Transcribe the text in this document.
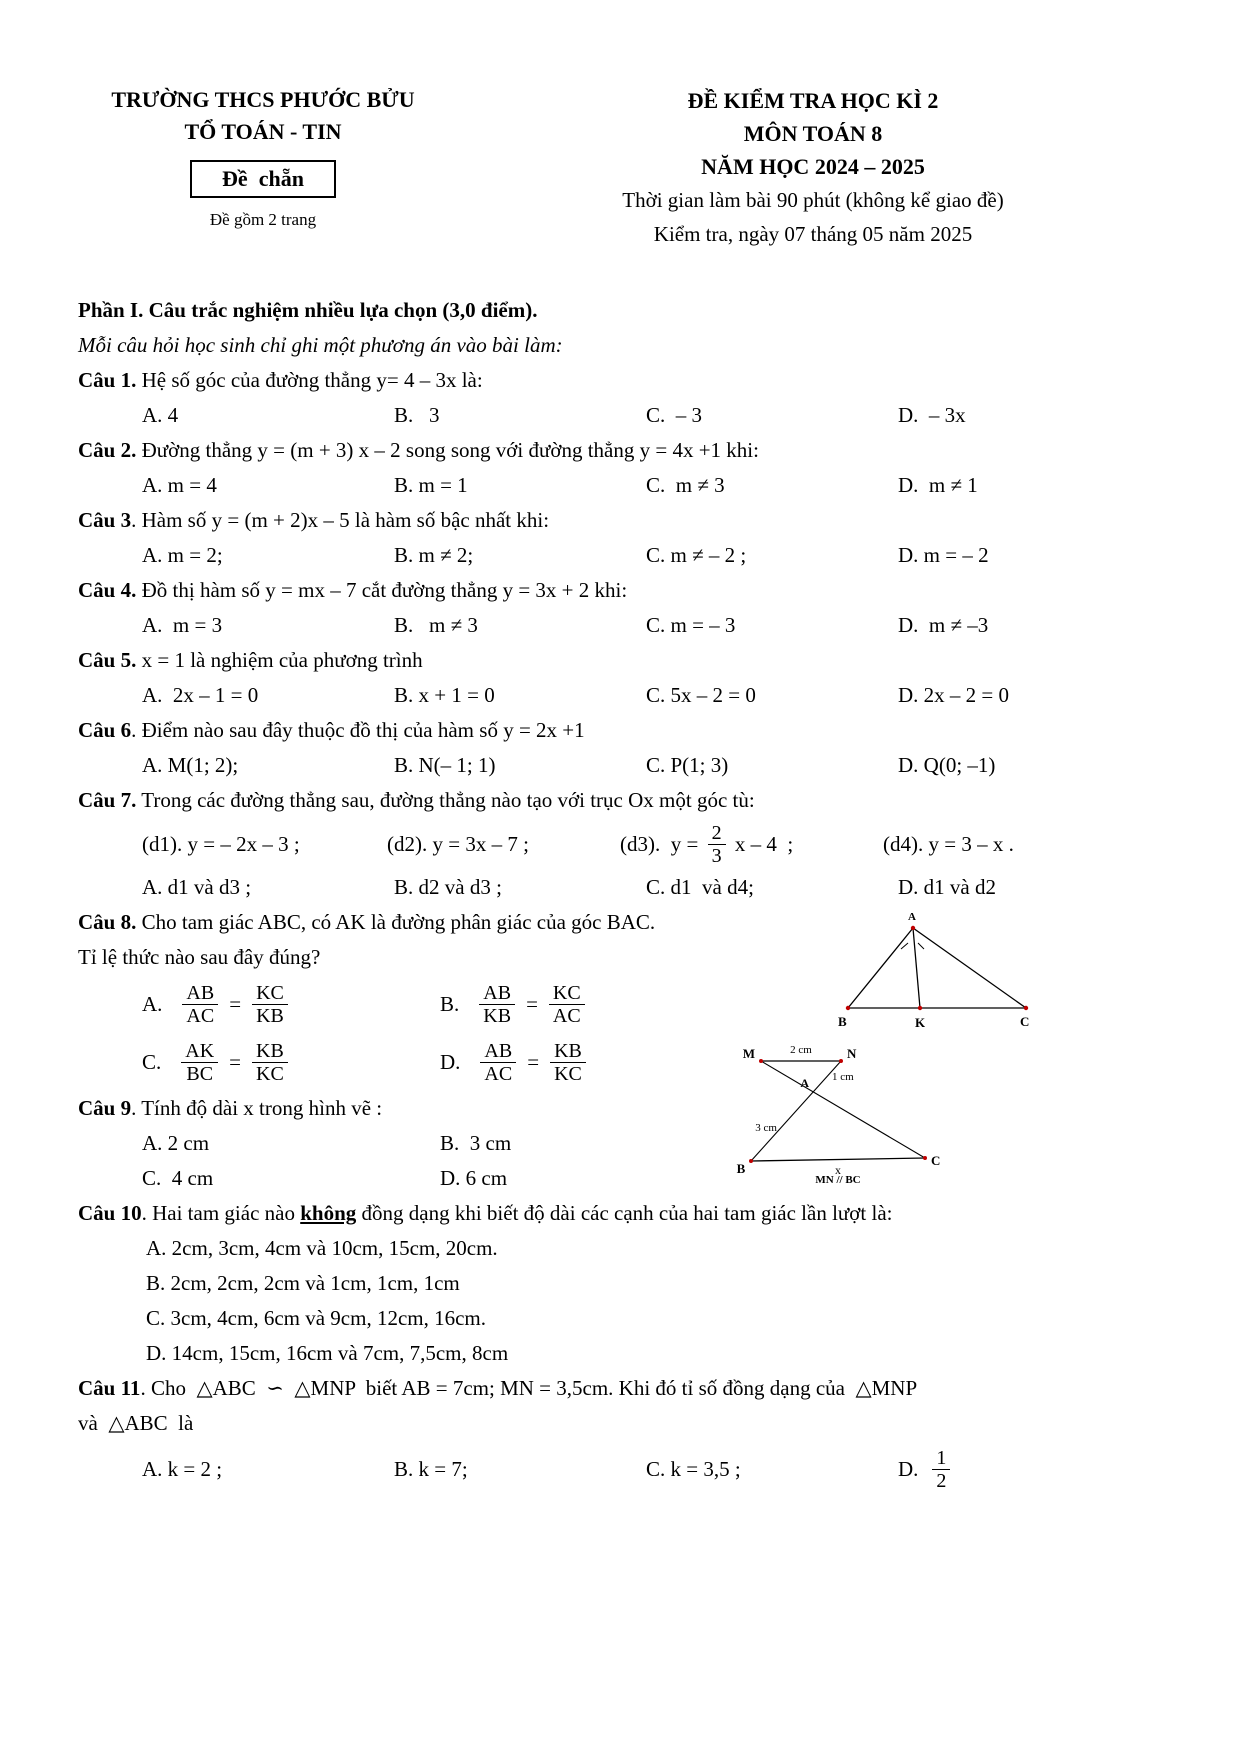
TRƯỜNG THCS PHƯỚC BỬU
TỔ TOÁN - TIN
Đề  chẵn
Đề gồm 2 trang
ĐỀ KIỂM TRA HỌC KÌ 2
MÔN TOÁN 8
NĂM HỌC 2024 – 2025
Thời gian làm bài 90 phút (không kể giao đề)
Kiểm tra, ngày 07 tháng 05 năm 2025

Phần I. Câu trắc nghiệm nhiều lựa chọn (3,0 điểm).

Mỗi câu hỏi học sinh chỉ ghi một phương án vào bài làm:

Câu 1. Hệ số góc của đường thẳng y= 4 – 3x là:

A. 4	B.   3	C.  – 3	D.  – 3x

Câu 2. Đường thẳng y = (m + 3) x – 2 song song với đường thẳng y = 4x +1 khi:

A. m = 4	B. m = 1	C.  m ≠ 3	D.  m ≠ 1

Câu 3. Hàm số y = (m + 2)x – 5 là hàm số bậc nhất khi:

A. m = 2;	B. m ≠ 2;	C. m ≠ – 2 ;	D. m = – 2

Câu 4. Đồ thị hàm số y = mx – 7 cắt đường thẳng y = 3x + 2 khi:

A.  m = 3	B.   m ≠ 3	C. m = – 3	D.  m ≠ –3

Câu 5. x = 1 là nghiệm của phương trình

A.  2x – 1 = 0	B. x + 1 = 0	C. 5x – 2 = 0	D. 2x – 2 = 0

Câu 6. Điểm nào sau đây thuộc đồ thị của hàm số y = 2x +1

A. M(1; 2);	B. N(– 1; 1)	C. P(1; 3)	D. Q(0; –1)

Câu 7. Trong các đường thẳng sau, đường thẳng nào tạo với trục Ox một góc tù:

(d1). y = – 2x – 3 ;	(d2). y = 3x – 7 ;	(d3).  $y = \frac{2}{3}$ x – 4  ;	(d4). y = 3 – x .

A. d1 và d3 ;	B. d2 và d3 ;	C. d1  và d4;	D. d1 và d2

Câu 8. Cho tam giác ABC, có AK là đường phân giác của góc BAC.

Tỉ lệ thức nào sau đây đúng?

A. $\frac{AB}{AC} = \frac{KC}{KB}$	B. $\frac{AB}{KB} = \frac{KC}{AC}$
C. $\frac{AK}{BC} = \frac{KB}{KC}$	D. $\frac{AB}{AC} = \frac{KB}{KC}$

Câu 9. Tính độ dài x trong hình vẽ :

A. 2 cm	B.  3 cm

C.  4 cm	D. 6 cm

Câu 10. Hai tam giác nào không đồng dạng khi biết độ dài các cạnh của hai tam giác lần lượt là:

A. 2cm, 3cm, 4cm và 10cm, 15cm, 20cm.
B. 2cm, 2cm, 2cm và 1cm, 1cm, 1cm
C. 3cm, 4cm, 6cm và 9cm, 12cm, 16cm.
D. 14cm, 15cm, 16cm và 7cm, 7,5cm, 8cm

Câu 11. Cho  △ABC  ∽  △MNP  biết AB = 7cm; MN = 3,5cm. Khi đó tỉ số đồng dạng của  △MNP

và  △ABC  là

A. k = 2 ;	B. k = 7;	C. k = 3,5 ;	D. $\frac{1}{2}$
A
B	K	C
M	N
2 cm
1 cm
A
3 cm
x
B
C
MN // BC
